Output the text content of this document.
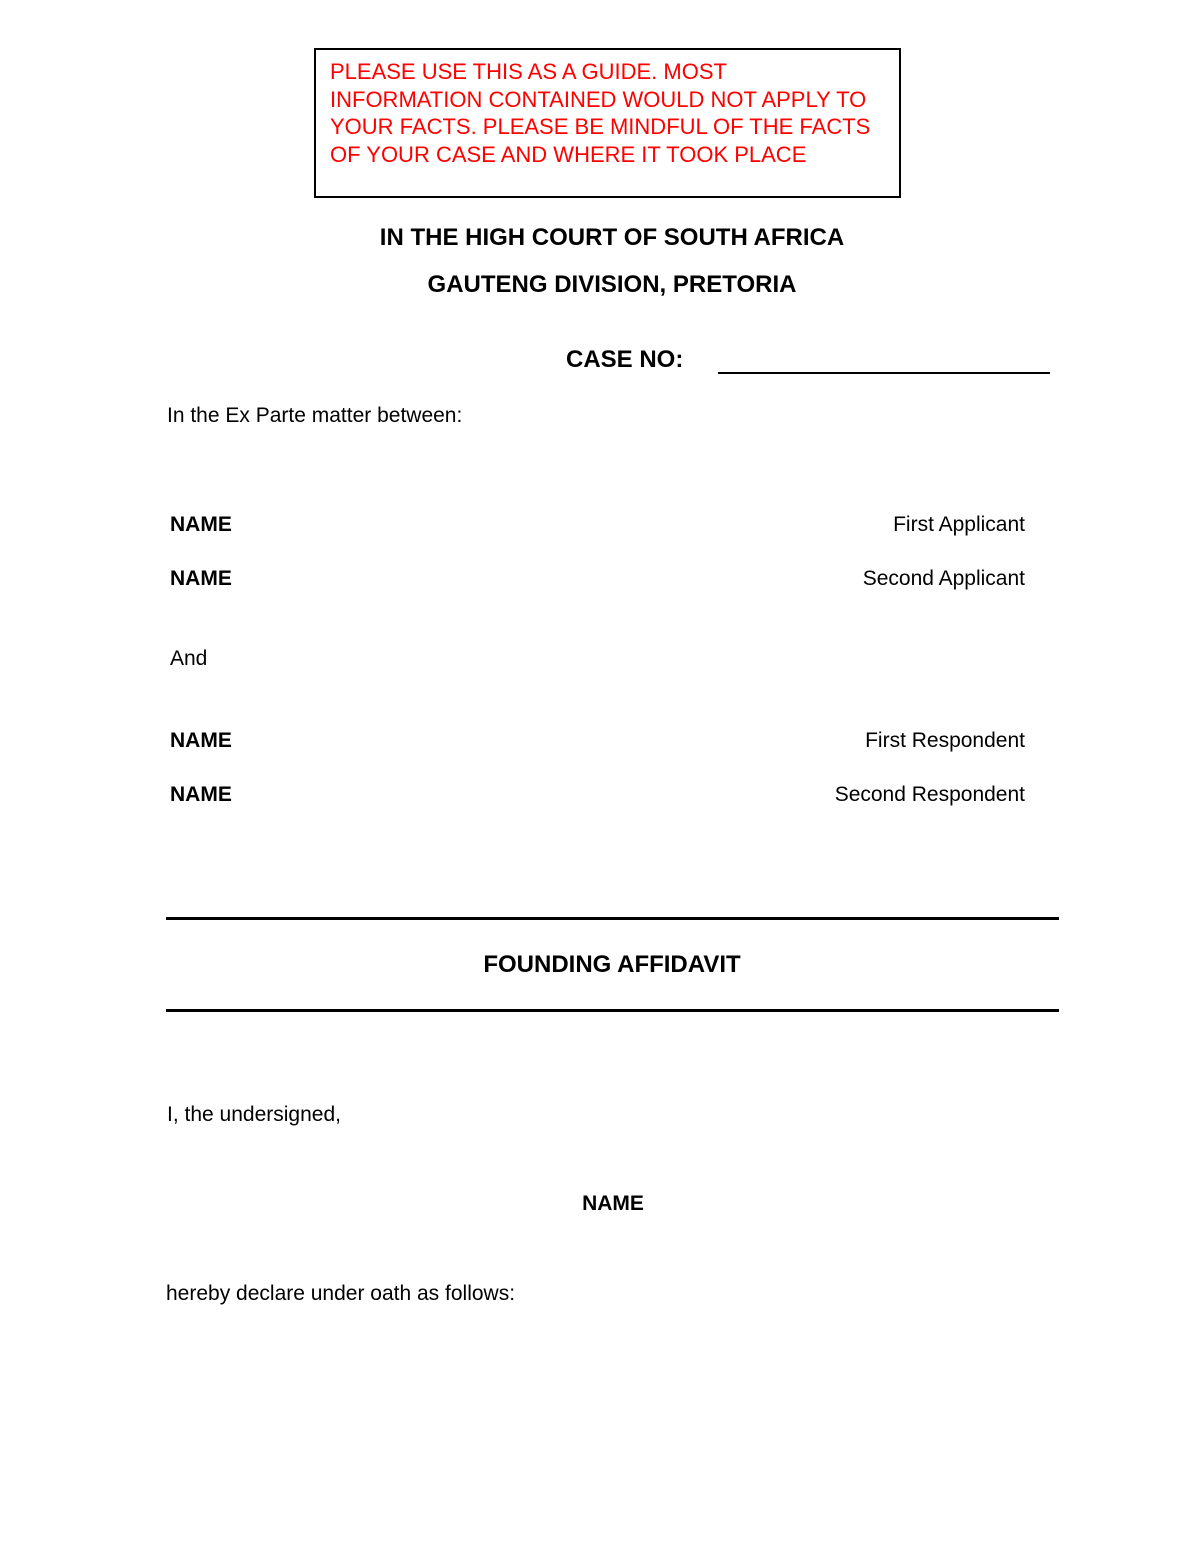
PLEASE USE THIS AS A GUIDE. MOST INFORMATION CONTAINED WOULD NOT APPLY TO YOUR FACTS. PLEASE BE MINDFUL OF THE FACTS OF YOUR CASE AND WHERE IT TOOK PLACE

IN THE HIGH COURT OF SOUTH AFRICA

GAUTENG DIVISION, PRETORIA

CASE NO:

In the Ex Parte matter between:

NAME	First Applicant
NAME	Second Applicant

And

NAME	First Respondent
NAME	Second Respondent

FOUNDING AFFIDAVIT

I, the undersigned,

NAME

hereby declare under oath as follows:
